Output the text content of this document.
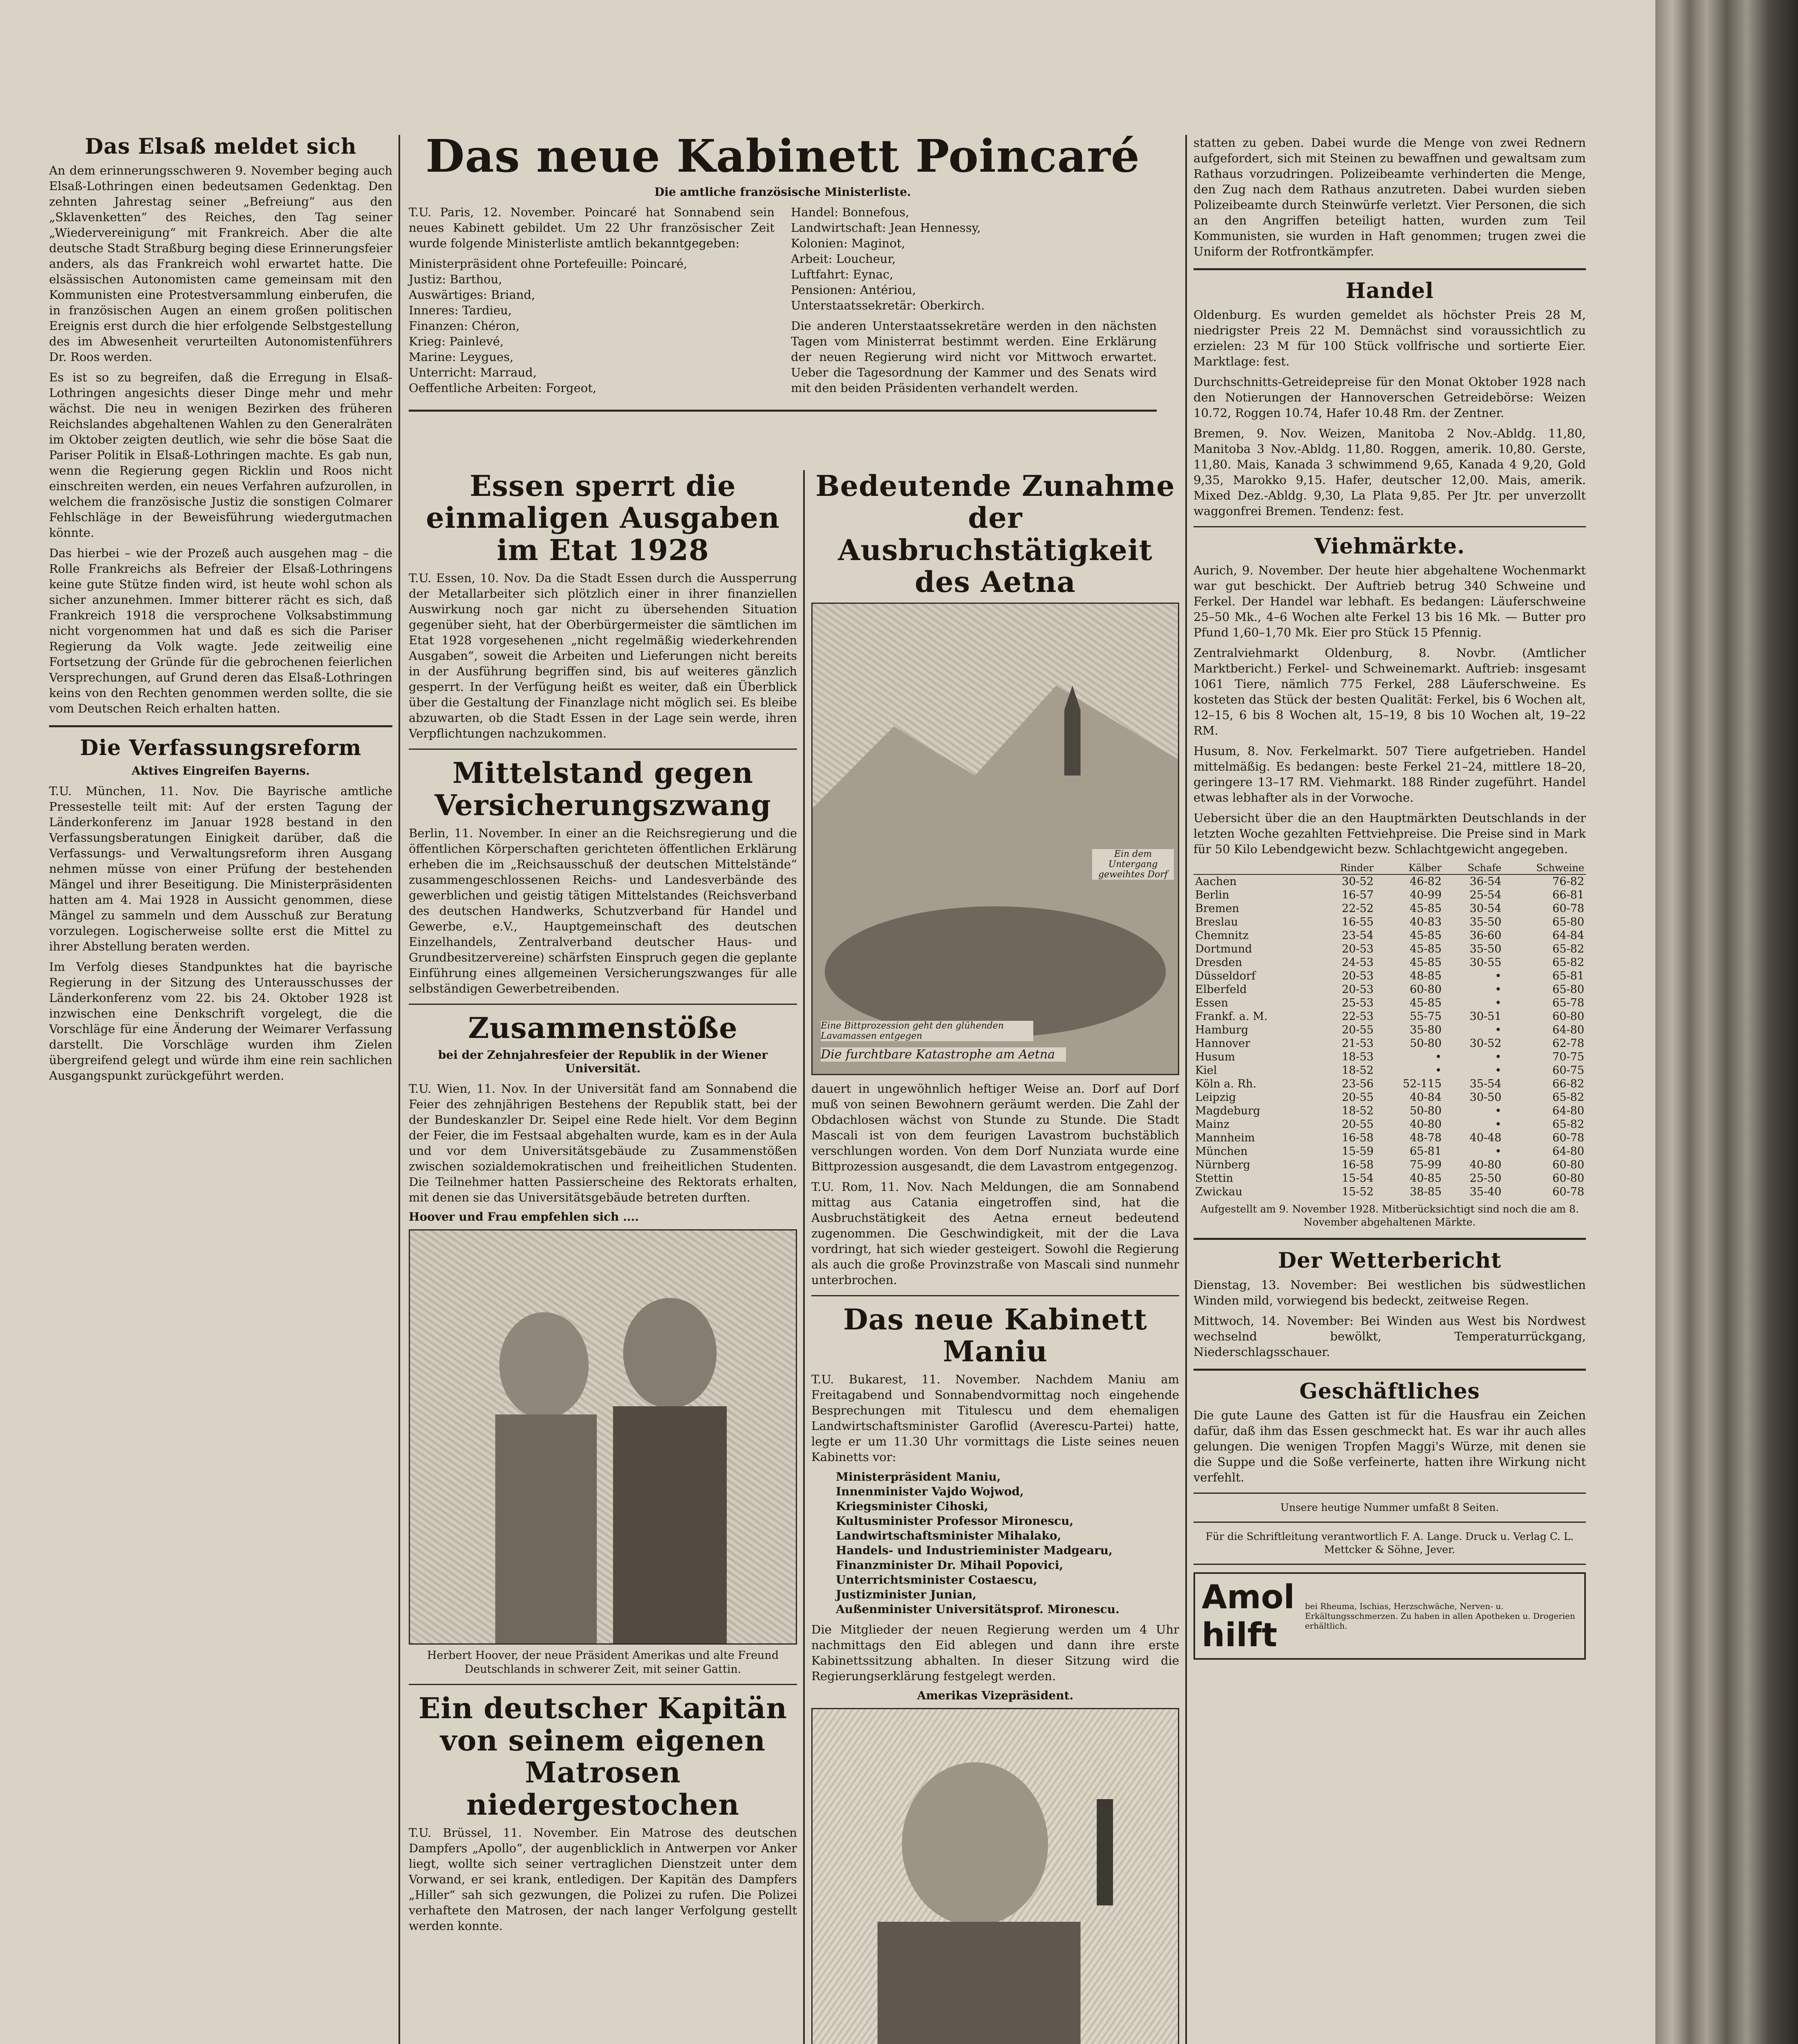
Das Elsaß meldet sich

An dem erinnerungsschweren 9. November beging auch Elsaß-Lothringen einen bedeutsamen Gedenktag. Den zehnten Jahrestag seiner „Befreiung“ aus den „Sklavenketten“ des Reiches, den Tag seiner „Wiedervereinigung“ mit Frankreich. Aber die alte deutsche Stadt Straßburg beging diese Erinnerungsfeier anders, als das Frankreich wohl erwartet hatte. Die elsässischen Autonomisten came gemeinsam mit den Kommunisten eine Protestversammlung einberufen, die in französischen Augen an einem großen politischen Ereignis erst durch die hier erfolgende Selbstgestellung des im Abwesenheit verurteilten Autonomistenführers Dr. Roos werden.

Es ist so zu begreifen, daß die Erregung in Elsaß-Lothringen angesichts dieser Dinge mehr und mehr wächst. Die neu in wenigen Bezirken des früheren Reichslandes abgehaltenen Wahlen zu den Generalräten im Oktober zeigten deutlich, wie sehr die böse Saat die Pariser Politik in Elsaß-Lothringen machte. Es gab nun, wenn die Regierung gegen Ricklin und Roos nicht einschreiten werden, ein neues Verfahren aufzurollen, in welchem die französische Justiz die sonstigen Colmarer Fehlschläge in der Beweisführung wiedergutmachen könnte.

Das hierbei – wie der Prozeß auch ausgehen mag – die Rolle Frankreichs als Befreier der Elsaß-Lothringens keine gute Stütze finden wird, ist heute wohl schon als sicher anzunehmen. Immer bitterer rächt es sich, daß Frankreich 1918 die versprochene Volksabstimmung nicht vorgenommen hat und daß es sich die Pariser Regierung da Volk wagte. Jede zeitweilig eine Fortsetzung der Gründe für die gebrochenen feierlichen Versprechungen, auf Grund deren das Elsaß-Lothringen keins von den Rechten genommen werden sollte, die sie vom Deutschen Reich erhalten hatten.

Die Verfassungsreform
Aktives Eingreifen Bayerns.

T.U. München, 11. Nov. Die Bayrische amtliche Pressestelle teilt mit: Auf der ersten Tagung der Länderkonferenz im Januar 1928 bestand in den Verfassungsberatungen Einigkeit darüber, daß die Verfassungs- und Verwaltungsreform ihren Ausgang nehmen müsse von einer Prüfung der bestehenden Mängel und ihrer Beseitigung. Die Ministerpräsidenten hatten am 4. Mai 1928 in Aussicht genommen, diese Mängel zu sammeln und dem Ausschuß zur Beratung vorzulegen. Logischerweise sollte erst die Mittel zu ihrer Abstellung beraten werden.

Im Verfolg dieses Standpunktes hat die bayrische Regierung in der Sitzung des Unterausschusses der Länderkonferenz vom 22. bis 24. Oktober 1928 ist inzwischen eine Denkschrift vorgelegt, die die Vorschläge für eine Änderung der Weimarer Verfassung darstellt. Die Vorschläge wurden ihm Zielen übergreifend gelegt und würde ihm eine rein sachlichen Ausgangspunkt zurückgeführt werden.

Das neue Kabinett Poincaré
Die amtliche französische Ministerliste.

T.U. Paris, 12. November. Poincaré hat Sonnabend sein neues Kabinett gebildet. Um 22 Uhr französischer Zeit wurde folgende Ministerliste amtlich bekanntgegeben:

Ministerpräsident ohne Portefeuille: Poincaré,
Justiz: Barthou,
Auswärtiges: Briand,
Inneres: Tardieu,
Finanzen: Chéron,
Krieg: Painlevé,
Marine: Leygues,
Unterricht: Marraud,
Oeffentliche Arbeiten: Forgeot,
Handel: Bonnefous,
Landwirtschaft: Jean Hennessy,
Kolonien: Maginot,
Arbeit: Loucheur,
Luftfahrt: Eynac,
Pensionen: Antériou,
Unterstaatssekretär: Oberkirch.

Die anderen Unterstaatssekretäre werden in den nächsten Tagen vom Ministerrat bestimmt werden. Eine Erklärung der neuen Regierung wird nicht vor Mittwoch erwartet. Ueber die Tagesordnung der Kammer und des Senats wird mit den beiden Präsidenten verhandelt werden.

Essen sperrt die einmaligen Ausgaben im Etat 1928

T.U. Essen, 10. Nov. Da die Stadt Essen durch die Aussperrung der Metallarbeiter sich plötzlich einer in ihrer finanziellen Auswirkung noch gar nicht zu übersehenden Situation gegenüber sieht, hat der Oberbürgermeister die sämtlichen im Etat 1928 vorgesehenen „nicht regelmäßig wiederkehrenden Ausgaben“, soweit die Arbeiten und Lieferungen nicht bereits in der Ausführung begriffen sind, bis auf weiteres gänzlich gesperrt. In der Verfügung heißt es weiter, daß ein Überblick über die Gestaltung der Finanzlage nicht möglich sei. Es bleibe abzuwarten, ob die Stadt Essen in der Lage sein werde, ihren Verpflichtungen nachzukommen.

Mittelstand gegen Versicherungszwang

Berlin, 11. November. In einer an die Reichsregierung und die öffentlichen Körperschaften gerichteten öffentlichen Erklärung erheben die im „Reichsausschuß der deutschen Mittelstände“ zusammengeschlossenen Reichs- und Landesverbände des gewerblichen und geistig tätigen Mittelstandes (Reichsverband des deutschen Handwerks, Schutzverband für Handel und Gewerbe, e.V., Hauptgemeinschaft des deutschen Einzelhandels, Zentralverband deutscher Haus- und Grundbesitzervereine) schärfsten Einspruch gegen die geplante Einführung eines allgemeinen Versicherungszwanges für alle selbständigen Gewerbetreibenden.

Zusammenstöße
bei der Zehnjahresfeier der Republik in der Wiener Universität.

T.U. Wien, 11. Nov. In der Universität fand am Sonnabend die Feier des zehnjährigen Bestehens der Republik statt, bei der der Bundeskanzler Dr. Seipel eine Rede hielt. Vor dem Beginn der Feier, die im Festsaal abgehalten wurde, kam es in der Aula und vor dem Universitätsgebäude zu Zusammenstößen zwischen sozialdemokratischen und freiheitlichen Studenten. Die Teilnehmer hatten Passierscheine des Rektorats erhalten, mit denen sie das Universitätsgebäude betreten durften.

Hoover und Frau empfehlen sich ....
Herbert Hoover, der neue Präsident Amerikas und alte Freund Deutschlands in schwerer Zeit, mit seiner Gattin.
Ein deutscher Kapitän von seinem eigenen Matrosen niedergestochen

T.U. Brüssel, 11. November. Ein Matrose des deutschen Dampfers „Apollo“, der augenblicklich in Antwerpen vor Anker liegt, wollte sich seiner vertraglichen Dienstzeit unter dem Vorwand, er sei krank, entledigen. Der Kapitän des Dampfers „Hiller“ sah sich gezwungen, die Polizei zu rufen. Die Polizei verhaftete den Matrosen, der nach langer Verfolgung gestellt werden konnte.

Bedeutende Zunahme der Ausbruchstätigkeit des Aetna
Ein dem Untergang geweihtes Dorf
Eine Bittprozession geht den glühenden Lavamassen entgegen
Die furchtbare Katastrophe am Aetna

dauert in ungewöhnlich heftiger Weise an. Dorf auf Dorf muß von seinen Bewohnern geräumt werden. Die Zahl der Obdachlosen wächst von Stunde zu Stunde. Die Stadt Mascali ist von dem feurigen Lavastrom buchstäblich verschlungen worden. Von dem Dorf Nunziata wurde eine Bittprozession ausgesandt, die dem Lavastrom entgegenzog.

T.U. Rom, 11. Nov. Nach Meldungen, die am Sonnabend mittag aus Catania eingetroffen sind, hat die Ausbruchstätigkeit des Aetna erneut bedeutend zugenommen. Die Geschwindigkeit, mit der die Lava vordringt, hat sich wieder gesteigert. Sowohl die Regierung als auch die große Provinzstraße von Mascali sind nunmehr unterbrochen.

Das neue Kabinett Maniu

T.U. Bukarest, 11. November. Nachdem Maniu am Freitagabend und Sonnabendvormittag noch eingehende Besprechungen mit Titulescu und dem ehemaligen Landwirtschaftsminister Garoflid (Averescu-Partei) hatte, legte er um 11.30 Uhr vormittags die Liste seines neuen Kabinetts vor:

Ministerpräsident Maniu,
Innenminister Vajdo Wojwod,
Kriegsminister Cihoski,
Kultusminister Professor Mironescu,
Landwirtschaftsminister Mihalako,
Handels- und Industrieminister Madgearu,
Finanzminister Dr. Mihail Popovici,
Unterrichtsminister Costaescu,
Justizminister Junian,
Außenminister Universitätsprof. Mironescu.

Die Mitglieder der neuen Regierung werden um 4 Uhr nachmittags den Eid ablegen und dann ihre erste Kabinettssitzung abhalten. In dieser Sitzung wird die Regierungserklärung festgelegt werden.

Amerikas Vizepräsident.

statten zu geben. Dabei wurde die Menge von zwei Rednern aufgefordert, sich mit Steinen zu bewaffnen und gewaltsam zum Rathaus vorzudringen. Polizeibeamte verhinderten die Menge, den Zug nach dem Rathaus anzutreten. Dabei wurden sieben Polizeibeamte durch Steinwürfe verletzt. Vier Personen, die sich an den Angriffen beteiligt hatten, wurden zum Teil Kommunisten, sie wurden in Haft genommen; trugen zwei die Uniform der Rotfrontkämpfer.

Handel

Oldenburg. Es wurden gemeldet als höchster Preis 28 M, niedrigster Preis 22 M. Demnächst sind voraussichtlich zu erzielen: 23 M für 100 Stück vollfrische und sortierte Eier. Marktlage: fest.

Durchschnitts-Getreidepreise für den Monat Oktober 1928 nach den Notierungen der Hannoverschen Getreidebörse: Weizen 10.72, Roggen 10.74, Hafer 10.48 Rm. der Zentner.

Bremen, 9. Nov. Weizen, Manitoba 2 Nov.-Abldg. 11,80, Manitoba 3 Nov.-Abldg. 11,80. Roggen, amerik. 10,80. Gerste, 11,80. Mais, Kanada 3 schwimmend 9,65, Kanada 4 9,20, Gold 9,35, Marokko 9,15. Hafer, deutscher 12,00. Mais, amerik. Mixed Dez.-Abldg. 9,30, La Plata 9,85. Per Jtr. per unverzollt waggonfrei Bremen. Tendenz: fest.

Viehmärkte.

Aurich, 9. November. Der heute hier abgehaltene Wochenmarkt war gut beschickt. Der Auftrieb betrug 340 Schweine und Ferkel. Der Handel war lebhaft. Es bedangen: Läuferschweine 25–50 Mk., 4–6 Wochen alte Ferkel 13 bis 16 Mk. — Butter pro Pfund 1,60–1,70 Mk. Eier pro Stück 15 Pfennig.

Zentralviehmarkt Oldenburg, 8. Novbr. (Amtlicher Marktbericht.) Ferkel- und Schweinemarkt. Auftrieb: insgesamt 1061 Tiere, nämlich 775 Ferkel, 288 Läuferschweine. Es kosteten das Stück der besten Qualität: Ferkel, bis 6 Wochen alt, 12–15, 6 bis 8 Wochen alt, 15–19, 8 bis 10 Wochen alt, 19–22 RM.

Husum, 8. Nov. Ferkelmarkt. 507 Tiere aufgetrieben. Handel mittelmäßig. Es bedangen: beste Ferkel 21–24, mittlere 18–20, geringere 13–17 RM. Viehmarkt. 188 Rinder zugeführt. Handel etwas lebhafter als in der Vorwoche.

Uebersicht über die an den Hauptmärkten Deutschlands in der letzten Woche gezahlten Fettviehpreise. Die Preise sind in Mark für 50 Kilo Lebendgewicht bezw. Schlachtgewicht angegeben.

	Rinder	Kälber	Schafe	Schweine
Aachen	30-52	46-82	36-54	76-82
Berlin	16-57	40-99	25-54	66-81
Bremen	22-52	45-85	30-54	60-78
Breslau	16-55	40-83	35-50	65-80
Chemnitz	23-54	45-85	36-60	64-84
Dortmund	20-53	45-85	35-50	65-82
Dresden	24-53	45-85	30-55	65-82
Düsseldorf	20-53	48-85	•	65-81
Elberfeld	20-53	60-80	•	65-80
Essen	25-53	45-85	•	65-78
Frankf. a. M.	22-53	55-75	30-51	60-80
Hamburg	20-55	35-80	•	64-80
Hannover	21-53	50-80	30-52	62-78
Husum	18-53	•	•	70-75
Kiel	18-52	•	•	60-75
Köln a. Rh.	23-56	52-115	35-54	66-82
Leipzig	20-55	40-84	30-50	65-82
Magdeburg	18-52	50-80	•	64-80
Mainz	20-55	40-80	•	65-82
Mannheim	16-58	48-78	40-48	60-78
München	15-59	65-81	•	64-80
Nürnberg	16-58	75-99	40-80	60-80
Stettin	15-54	40-85	25-50	60-80
Zwickau	15-52	38-85	35-40	60-78

Aufgestellt am 9. November 1928. Mitberücksichtigt sind noch die am 8. November abgehaltenen Märkte.

Der Wetterbericht

Dienstag, 13. November: Bei westlichen bis südwestlichen Winden mild, vorwiegend bis bedeckt, zeitweise Regen.

Mittwoch, 14. November: Bei Winden aus West bis Nordwest wechselnd bewölkt, Temperaturrückgang, Niederschlagsschauer.

Geschäftliches

Die gute Laune des Gatten ist für die Hausfrau ein Zeichen dafür, daß ihm das Essen geschmeckt hat. Es war ihr auch alles gelungen. Die wenigen Tropfen Maggi's Würze, mit denen sie die Suppe und die Soße verfeinerte, hatten ihre Wirkung nicht verfehlt.

Unsere heutige Nummer umfaßt 8 Seiten.

Für die Schriftleitung verantwortlich F. A. Lange. Druck u. Verlag C. L. Mettcker & Söhne, Jever.

Amol hilft
bei Rheuma, Ischias, Herzschwäche, Nerven- u. Erkältungsschmerzen. Zu haben in allen Apotheken u. Drogerien erhältlich.
